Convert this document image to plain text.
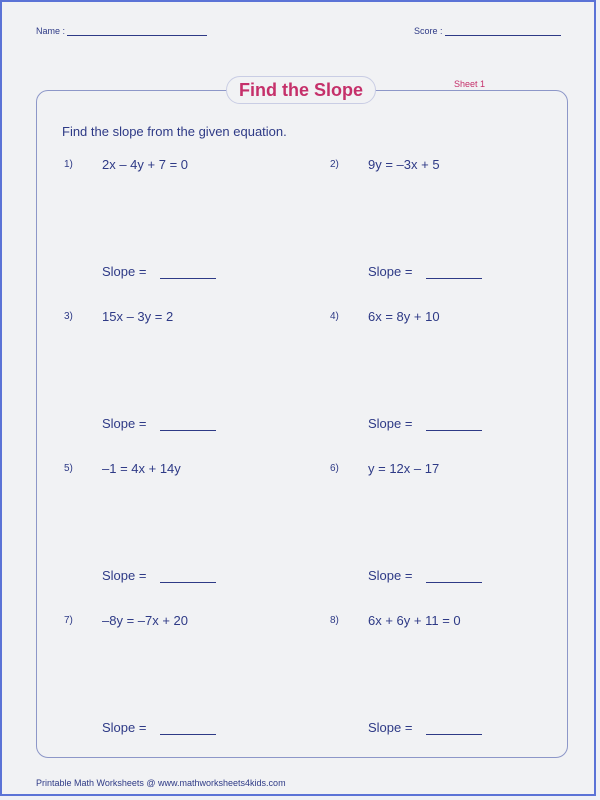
Name :	Score :
Find the Slope	Sheet 1
Find the slope from the given equation.
1) 2x – 4y + 7 = 0	2) 9y = –3x + 5
Slope =	Slope =
3) 15x – 3y = 2	4) 6x = 8y + 10
Slope =	Slope =
5) –1 = 4x + 14y	6) y = 12x – 17
Slope =	Slope =
7) –8y = –7x + 20	8) 6x + 6y + 11 = 0
Slope =	Slope =
Printable Math Worksheets @ www.mathworksheets4kids.com
